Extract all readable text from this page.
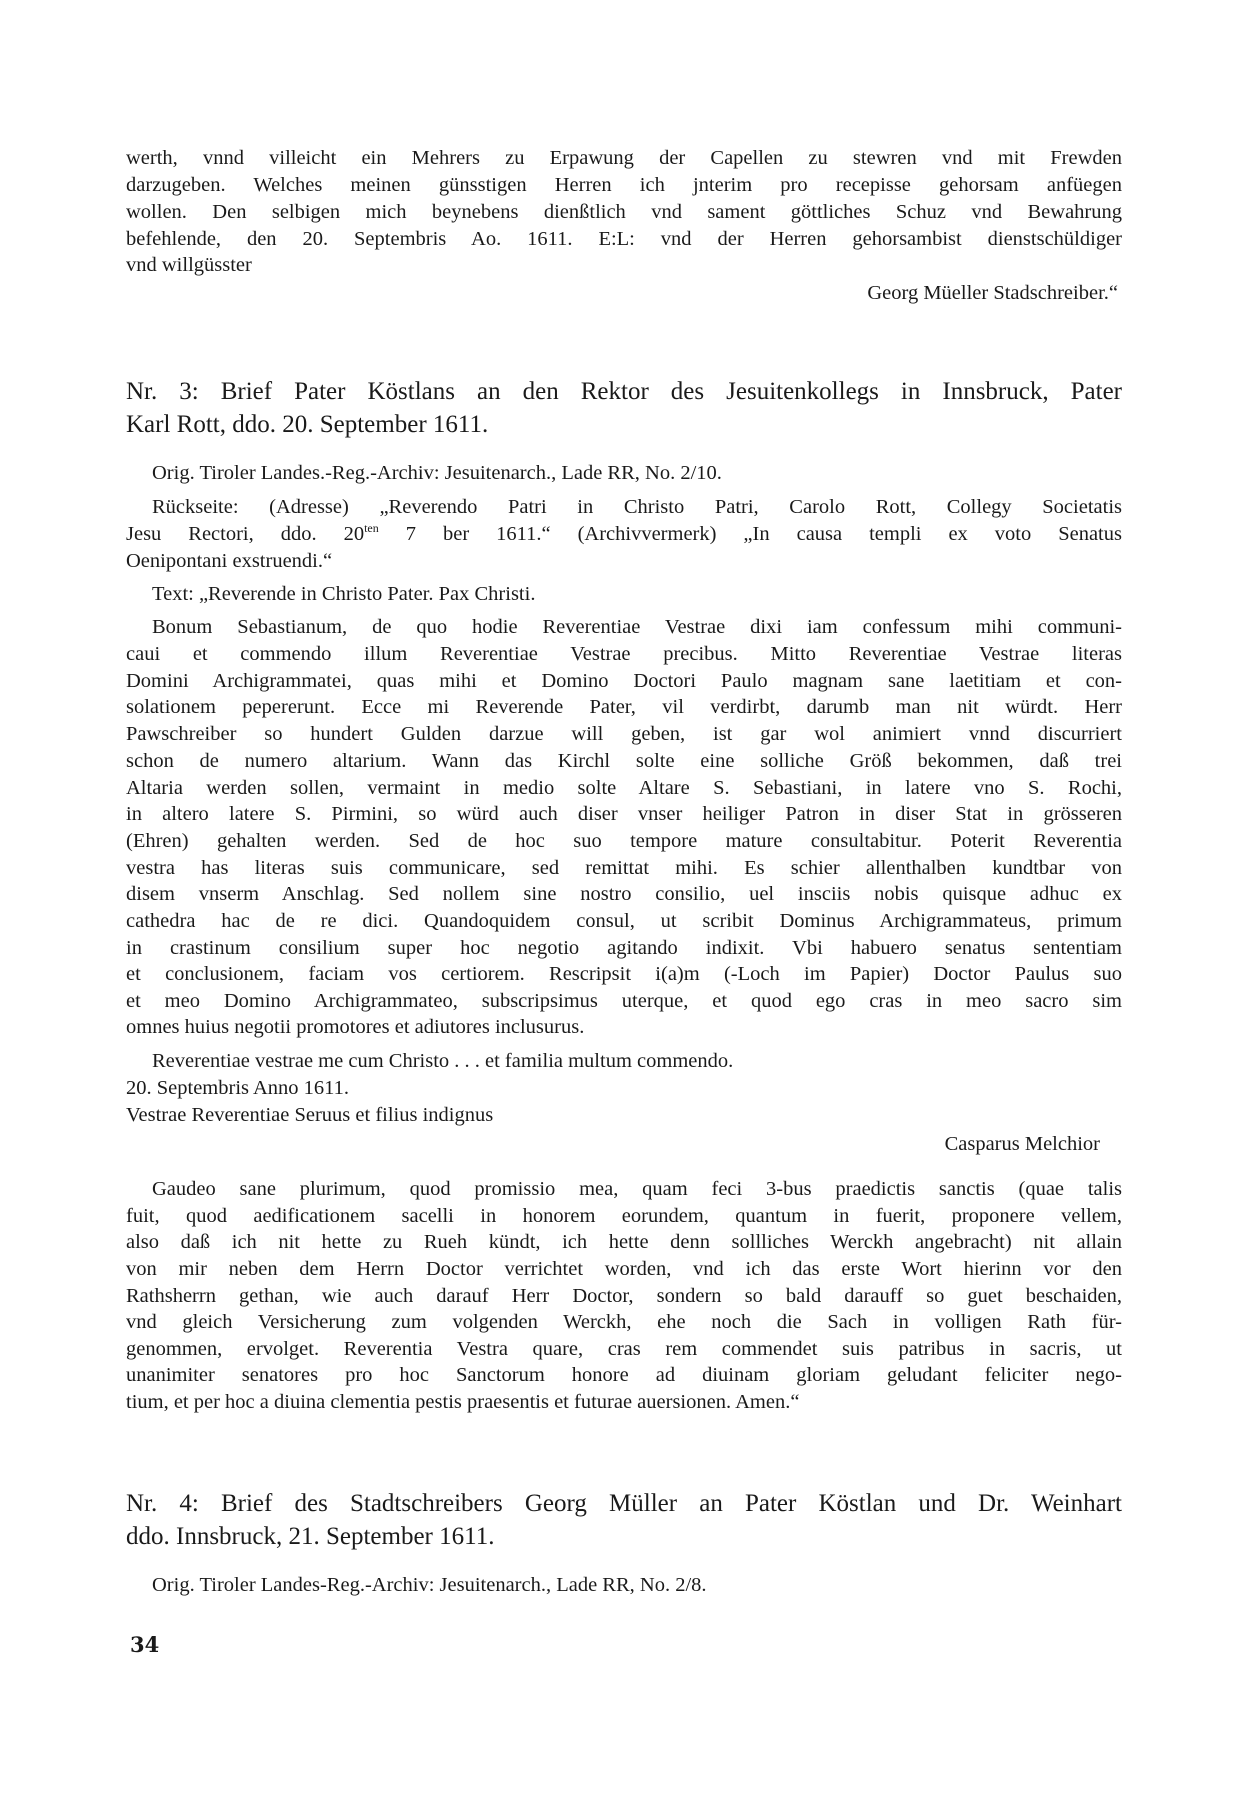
werth, vnnd villeicht ein Mehrers zu Erpawung der Capellen zu stewren vnd mit Frewden
darzugeben. Welches meinen günsstigen Herren ich jnterim pro recepisse gehorsam anfüegen
wollen. Den selbigen mich beynebens dienßtlich vnd sament göttliches Schuz vnd Bewahrung
befehlende, den 20. Septembris Ao. 1611. E:L: vnd der Herren gehorsambist dienstschüldiger
vnd willgüsster
Georg Müeller Stadschreiber.“
Nr. 3: Brief Pater Köstlans an den Rektor des Jesuitenkollegs in Innsbruck, Pater
Karl Rott, ddo. 20. September 1611.
Orig. Tiroler Landes.-Reg.-Archiv: Jesuitenarch., Lade RR, No. 2/10.
Rückseite: (Adresse) „Reverendo Patri in Christo Patri, Carolo Rott, Collegy Societatis
Jesu Rectori, ddo. $20^{ten}$ 7 ber 1611.“ (Archivvermerk) „In causa templi ex voto Senatus
Oenipontani exstruendi.“
Text: „Reverende in Christo Pater. Pax Christi.
Bonum Sebastianum, de quo hodie Reverentiae Vestrae dixi iam confessum mihi communi-
caui et commendo illum Reverentiae Vestrae precibus. Mitto Reverentiae Vestrae literas
Domini Archigrammatei, quas mihi et Domino Doctori Paulo magnam sane laetitiam et con-
solationem pepererunt. Ecce mi Reverende Pater, vil verdirbt, darumb man nit würdt. Herr
Pawschreiber so hundert Gulden darzue will geben, ist gar wol animiert vnnd discurriert
schon de numero altarium. Wann das Kirchl solte eine solliche Größ bekommen, daß trei
Altaria werden sollen, vermaint in medio solte Altare S. Sebastiani, in latere vno S. Rochi,
in altero latere S. Pirmini, so würd auch diser vnser heiliger Patron in diser Stat in grösseren
(Ehren) gehalten werden. Sed de hoc suo tempore mature consultabitur. Poterit Reverentia
vestra has literas suis communicare, sed remittat mihi. Es schier allenthalben kundtbar von
disem vnserm Anschlag. Sed nollem sine nostro consilio, uel insciis nobis quisque adhuc ex
cathedra hac de re dici. Quandoquidem consul, ut scribit Dominus Archigrammateus, primum
in crastinum consilium super hoc negotio agitando indixit. Vbi habuero senatus sententiam
et conclusionem, faciam vos certiorem. Rescripsit i(a)m (-Loch im Papier) Doctor Paulus suo
et meo Domino Archigrammateo, subscripsimus uterque, et quod ego cras in meo sacro sim
omnes huius negotii promotores et adiutores inclusurus.
Reverentiae vestrae me cum Christo . . . et familia multum commendo.
20. Septembris Anno 1611.
Vestrae Reverentiae Seruus et filius indignus
Casparus Melchior
Gaudeo sane plurimum, quod promissio mea, quam feci 3-bus praedictis sanctis (quae talis
fuit, quod aedificationem sacelli in honorem eorundem, quantum in fuerit, proponere vellem,
also daß ich nit hette zu Rueh kündt, ich hette denn sollliches Werckh angebracht) nit allain
von mir neben dem Herrn Doctor verrichtet worden, vnd ich das erste Wort hierinn vor den
Rathsherrn gethan, wie auch darauf Herr Doctor, sondern so bald darauff so guet beschaiden,
vnd gleich Versicherung zum volgenden Werckh, ehe noch die Sach in volligen Rath für-
genommen, ervolget. Reverentia Vestra quare, cras rem commendet suis patribus in sacris, ut
unanimiter senatores pro hoc Sanctorum honore ad diuinam gloriam geludant feliciter nego-
tium, et per hoc a diuina clementia pestis praesentis et futurae auersionen. Amen.“
Nr. 4: Brief des Stadtschreibers Georg Müller an Pater Köstlan und Dr. Weinhart
ddo. Innsbruck, 21. September 1611.
Orig. Tiroler Landes-Reg.-Archiv: Jesuitenarch., Lade RR, No. 2/8.
34
